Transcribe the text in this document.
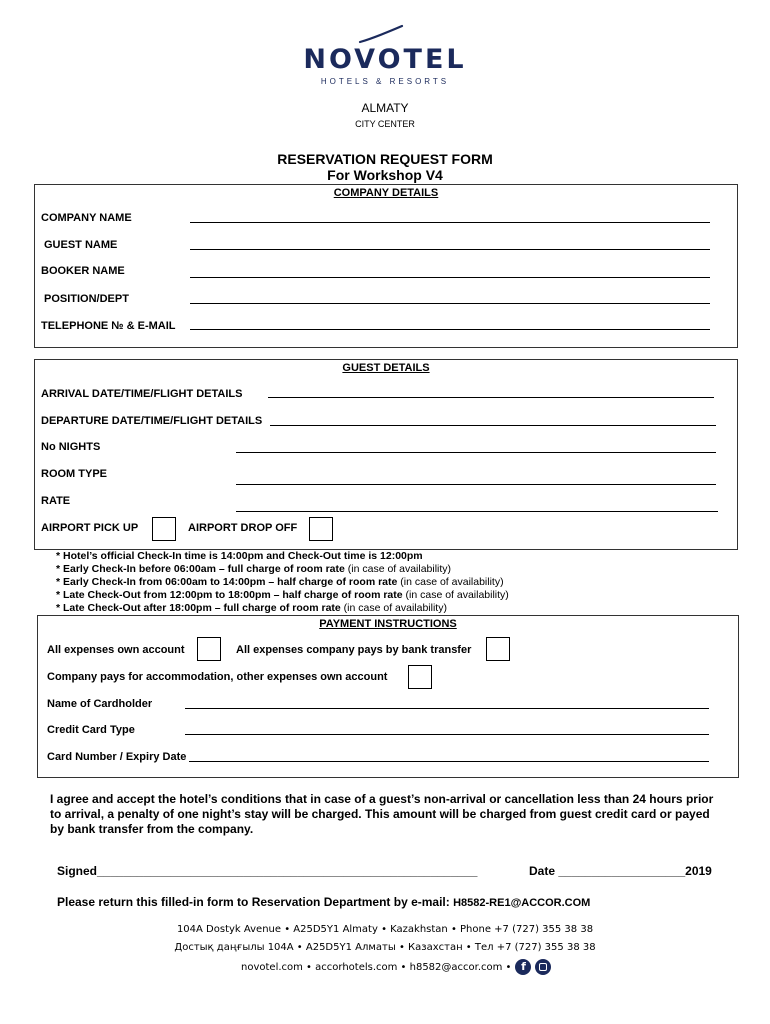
NOVOTEL
HOTELS & RESORTS
ALMATY
CITY CENTER
RESERVATION REQUEST FORM
For Workshop V4
COMPANY DETAILS
COMPANY NAME
GUEST NAME
BOOKER NAME
POSITION/DEPT
TELEPHONE № & E-MAIL
GUEST DETAILS
ARRIVAL DATE/TIME/FLIGHT DETAILS
DEPARTURE DATE/TIME/FLIGHT DETAILS
No NIGHTS
ROOM TYPE
RATE
AIRPORT PICK UP	AIRPORT DROP OFF
* Hotel’s official Check-In time is 14:00pm and Check-Out time is 12:00pm
* Early Check-In before 06:00am – full charge of room rate (in case of availability)
* Early Check-In from 06:00am to 14:00pm – half charge of room rate (in case of availability)
* Late Check-Out from 12:00pm to 18:00pm – half charge of room rate (in case of availability)
* Late Check-Out after 18:00pm – full charge of room rate (in case of availability)
PAYMENT INSTRUCTIONS
All expenses own account	All expenses company pays by bank transfer
Company pays for accommodation, other expenses own account
Name of Cardholder
Credit Card Type
Card Number / Expiry Date
I agree and accept the hotel’s conditions that in case of a guest’s non-arrival or cancellation less than 24 hours prior to arrival, a penalty of one night’s stay will be charged. This amount will be charged from guest credit card or payed by bank transfer from the company.
Signed_________________________________________________________	Date ___________________2019
Please return this filled-in form to Reservation Department by e-mail: H8582-RE1@ACCOR.COM
104A Dostyk Avenue • A25D5Y1 Almaty • Kazakhstan • Phone +7 (727) 355 38 38
Достық даңғылы 104А • A25D5Y1 Алматы • Казахстан • Тел +7 (727) 355 38 38
novotel.com • accorhotels.com • h8582@accor.com • f
